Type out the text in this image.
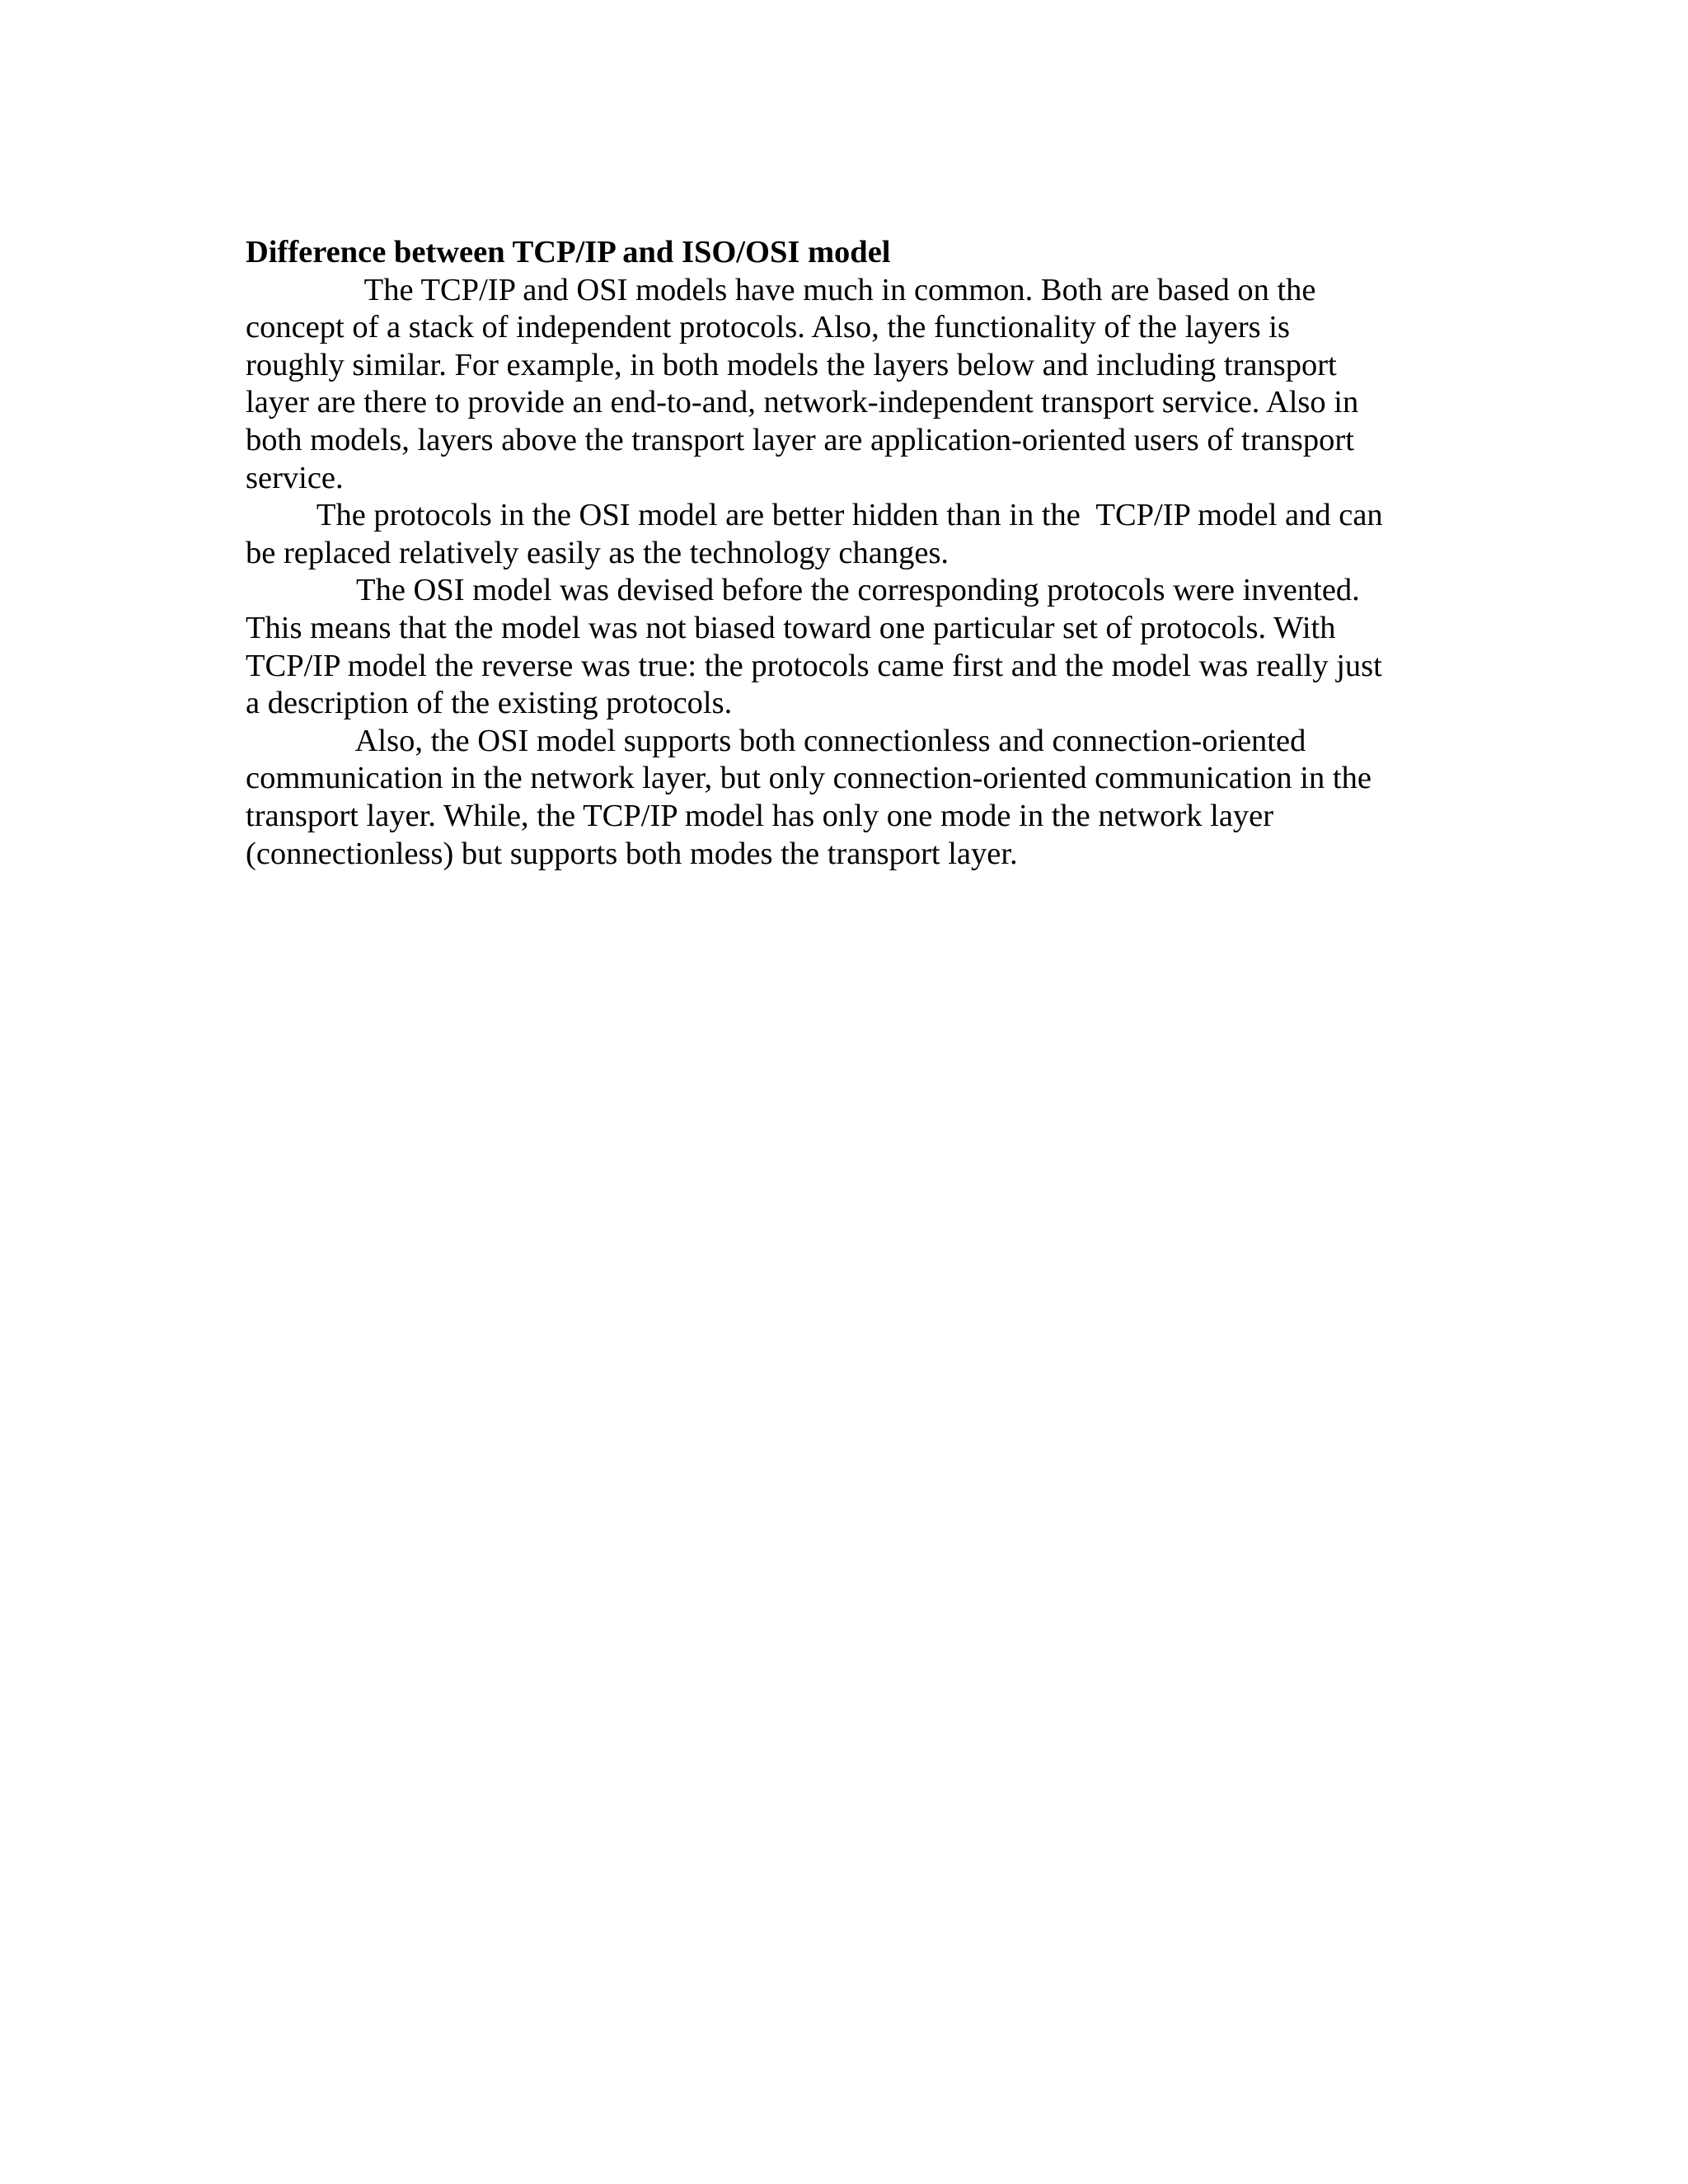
Difference between TCP/IP and ISO/OSI model
The TCP/IP and OSI models have much in common. Both are based on the
concept of a stack of independent protocols. Also, the functionality of the layers is
roughly similar. For example, in both models the layers below and including transport
layer are there to provide an end-to-and, network-independent transport service. Also in
both models, layers above the transport layer are application-oriented users of transport
service.
The protocols in the OSI model are better hidden than in the  TCP/IP model and can
be replaced relatively easily as the technology changes.
The OSI model was devised before the corresponding protocols were invented.
This means that the model was not biased toward one particular set of protocols. With
TCP/IP model the reverse was true: the protocols came first and the model was really just
a description of the existing protocols.
Also, the OSI model supports both connectionless and connection-oriented
communication in the network layer, but only connection-oriented communication in the
transport layer. While, the TCP/IP model has only one mode in the network layer
(connectionless) but supports both modes the transport layer.
